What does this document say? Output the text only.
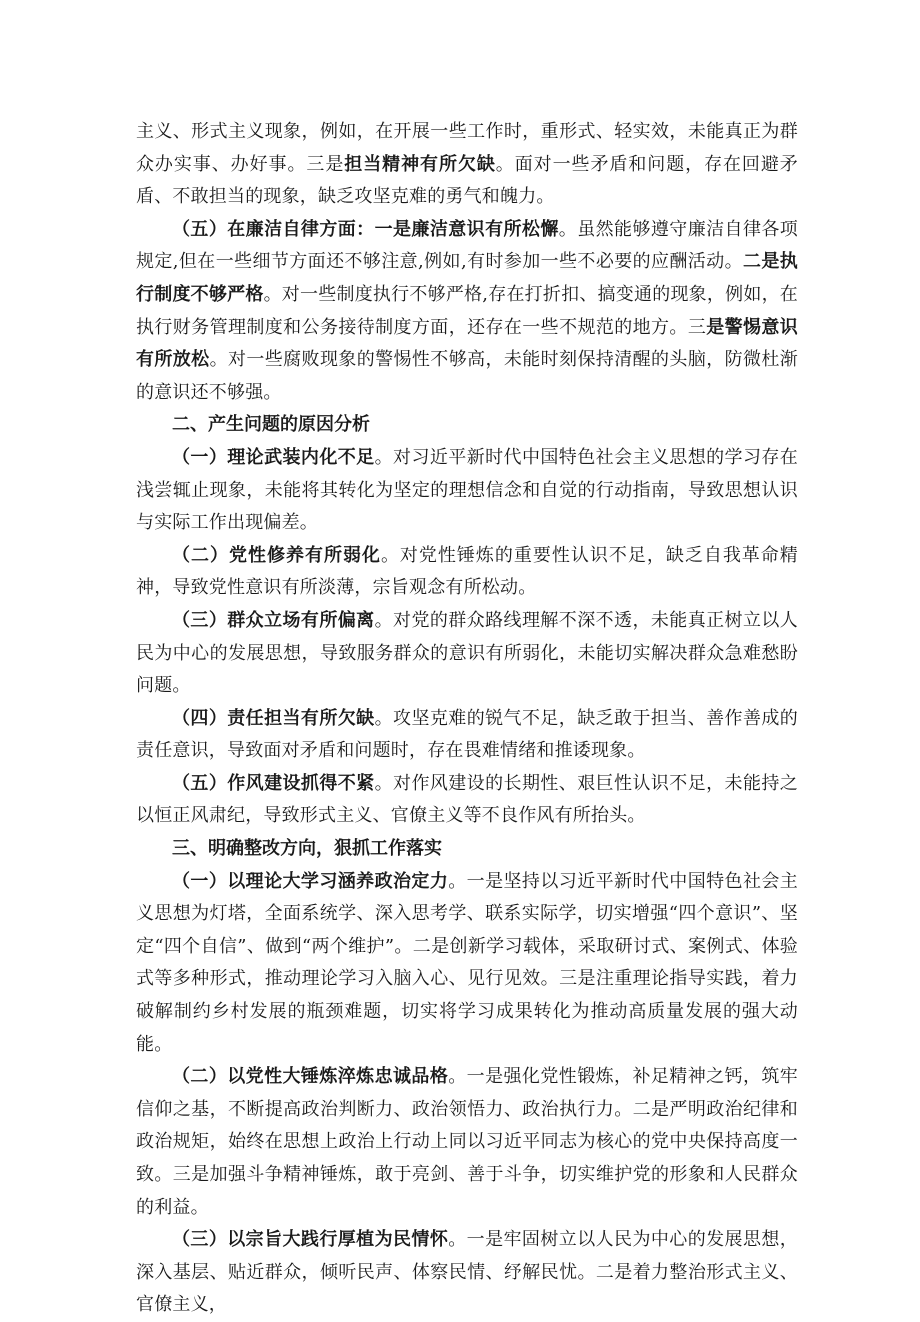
主义、形式主义现象，例如，在开展一些工作时，重形式、轻实效，未能真正为群众办实事、办好事。三是担当精神有所欠缺。面对一些矛盾和问题，存在回避矛盾、不敢担当的现象，缺乏攻坚克难的勇气和魄力。

（五）在廉洁自律方面：一是廉洁意识有所松懈。虽然能够遵守廉洁自律各项规定,但在一些细节方面还不够注意,例如,有时参加一些不必要的应酬活动。二是执行制度不够严格。对一些制度执行不够严格,存在打折扣、搞变通的现象，例如，在执行财务管理制度和公务接待制度方面，还存在一些不规范的地方。三是警惕意识有所放松。对一些腐败现象的警惕性不够高，未能时刻保持清醒的头脑，防微杜渐的意识还不够强。

二、产生问题的原因分析

（一）理论武装内化不足。对习近平新时代中国特色社会主义思想的学习存在浅尝辄止现象，未能将其转化为坚定的理想信念和自觉的行动指南，导致思想认识与实际工作出现偏差。

（二）党性修养有所弱化。对党性锤炼的重要性认识不足，缺乏自我革命精神，导致党性意识有所淡薄，宗旨观念有所松动。

（三）群众立场有所偏离。对党的群众路线理解不深不透，未能真正树立以人民为中心的发展思想，导致服务群众的意识有所弱化，未能切实解决群众急难愁盼问题。

（四）责任担当有所欠缺。攻坚克难的锐气不足，缺乏敢于担当、善作善成的责任意识，导致面对矛盾和问题时，存在畏难情绪和推诿现象。

（五）作风建设抓得不紧。对作风建设的长期性、艰巨性认识不足，未能持之以恒正风肃纪，导致形式主义、官僚主义等不良作风有所抬头。

三、明确整改方向，狠抓工作落实

（一）以理论大学习涵养政治定力。一是坚持以习近平新时代中国特色社会主义思想为灯塔，全面系统学、深入思考学、联系实际学，切实增强“四个意识”、坚定“四个自信”、做到“两个维护”。二是创新学习载体，采取研讨式、案例式、体验式等多种形式，推动理论学习入脑入心、见行见效。三是注重理论指导实践，着力破解制约乡村发展的瓶颈难题，切实将学习成果转化为推动高质量发展的强大动能。

（二）以党性大锤炼淬炼忠诚品格。一是强化党性锻炼，补足精神之钙，筑牢信仰之基，不断提高政治判断力、政治领悟力、政治执行力。二是严明政治纪律和政治规矩，始终在思想上政治上行动上同以习近平同志为核心的党中央保持高度一致。三是加强斗争精神锤炼，敢于亮剑、善于斗争，切实维护党的形象和人民群众的利益。

（三）以宗旨大践行厚植为民情怀。一是牢固树立以人民为中心的发展思想，深入基层、贴近群众，倾听民声、体察民情、纾解民忧。二是着力整治形式主义、官僚主义，
